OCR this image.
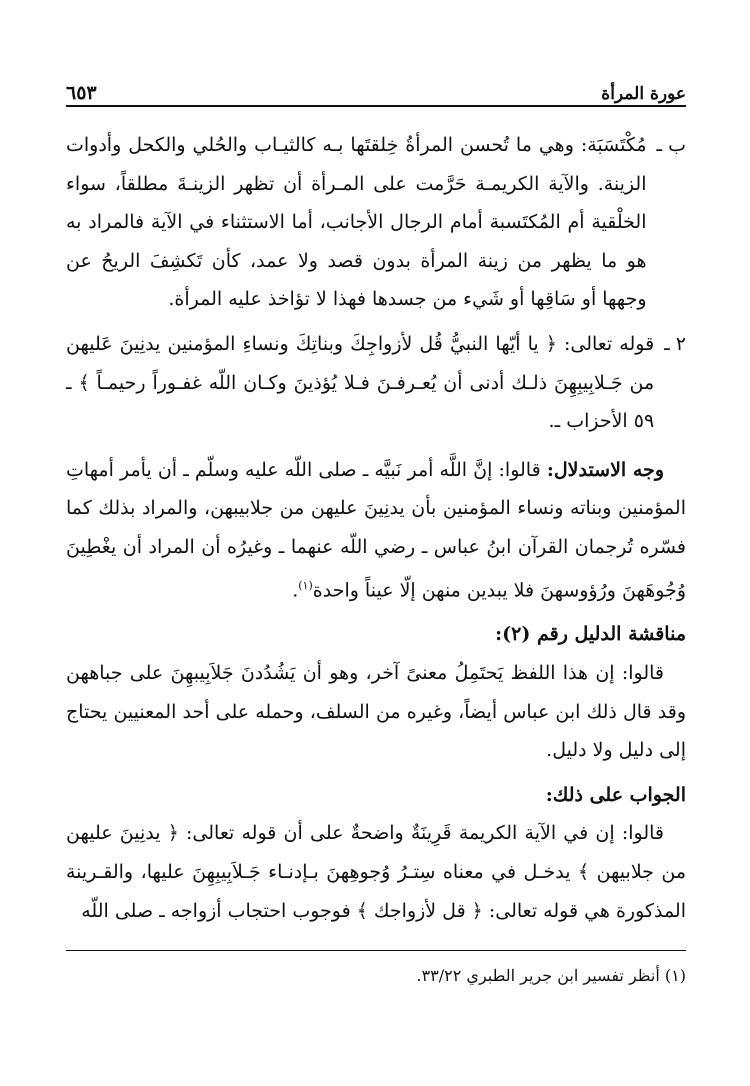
٦٥٣	عورة المرأة
ب ـ
مُكْتَسَبَة: وهي ما تُحسن المرأةُ خِلقتَها بـه كالثيـاب والحُلي والكحل وأدوات الزينة. والآية الكريمـة حَرَّمت على المـرأة أن تظهر الزينـةَ مطلقاً، سواء الخلْقية أم المُكتَسبة أمام الرجال الأجانب، أما الاستثناء في الآية فالمراد به هو ما يظهر من زينة المرأة بدون قصد ولا عمد، كأن تَكشِفَ الريحُ عن وجهها أو سَاقِها أو شَيء من جسدها فهذا لا تؤاخذ عليه المرأة.
٢ ـ
قوله تعالى: ﴿ يا أيّها النبيُّ قُل لأزواجِكَ وبناتِكَ ونساءِ المؤمنين يدنِينَ عَليهن من جَـلابِيبِهِنَ ذلـك أدنى أن يُعـرفـنَ فـلا يُؤذينَ وكـان اللّه غفـوراً رحيمـاً ﴾ ـ ٥٩ الأحزاب ـ.

وجه الاستدلال: قالوا: إنَّ اللَّه أمر نَبيَّه ـ صلى اللّه عليه وسلّم ـ أن يأمر أمهاتِ المؤمنين وبناته ونساء المؤمنين بأن يدنِينَ عليهن من جلابيبهن، والمراد بذلك كما فسّره تُرجمان القرآن ابنُ عباس ـ رضي اللّه عنهما ـ وغيرُه أن المراد أن يغْطِينَ وُجُوهَهنَ ورُؤوسهنَ فلا يبدين منهن إلّا عيناً واحدة$^{(١)}$.

مناقشة الدليل رقم (٢):

قالوا: إن هذا اللفظ يَحتَمِلُ معنىً آخر، وهو أن يَشُدُدنَ جَلاَبِيبهِنَ على جباههن وقد قال ذلك ابن عباس أيضاً، وغيره من السلف، وحمله على أحد المعنيين يحتاج إلى دليل ولا دليل.

الجواب على ذلك:

قالوا: إن في الآية الكريمة قَرِينَةٌ واضحةٌ على أن قوله تعالى: ﴿ يدنِينَ عليهن من جلابيهن ﴾ يدخـل في معناه سِتـرُ وُجوهِهنَ بـإدنـاء جَـلاَبِيبِهِنَ عليها، والقـرينة المذكورة هي قوله تعالى: ﴿ قل لأزواجك ﴾ فوجوب احتجاب أزواجه ـ صلى اللّه

(١) أنظر تفسير ابن جرير الطبري ٣٣/٢٢.
